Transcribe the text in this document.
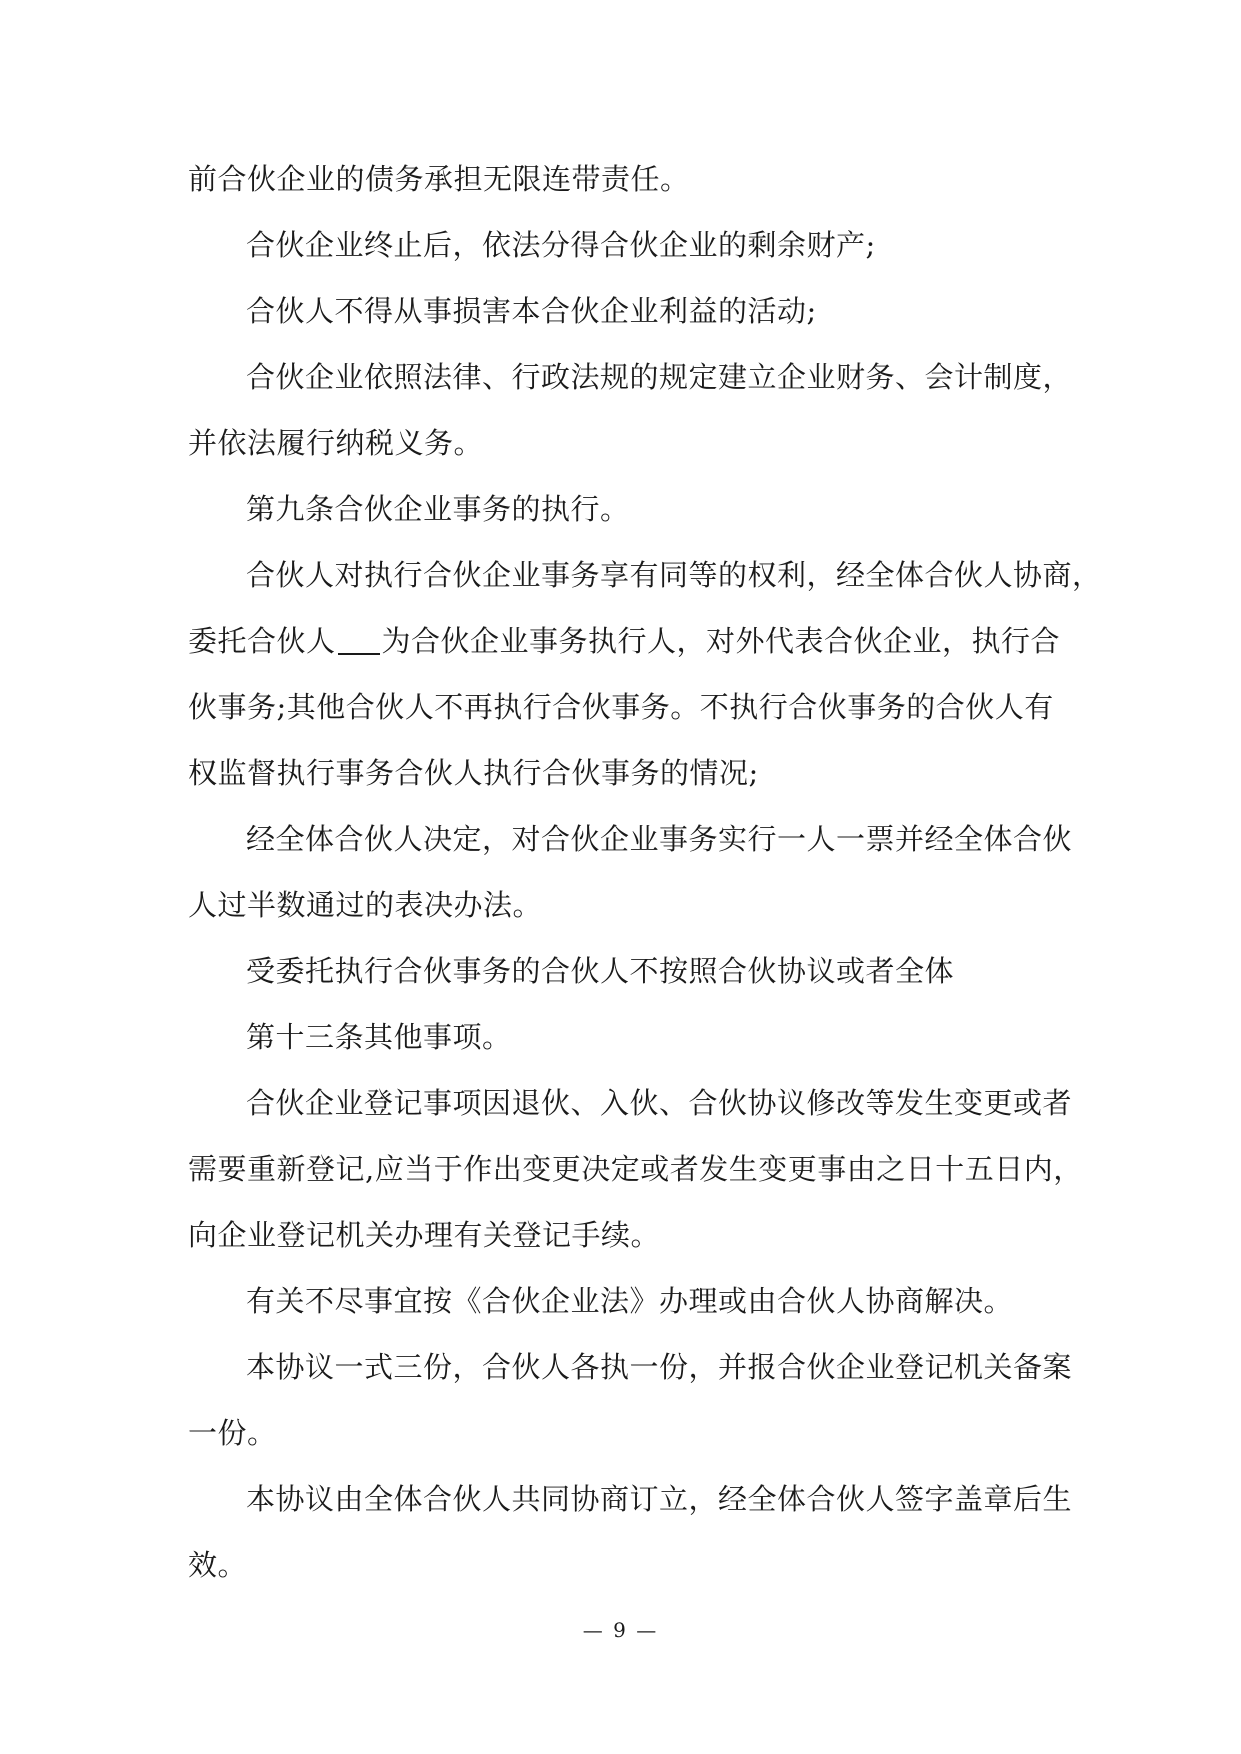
前合伙企业的债务承担无限连带责任。
合伙企业终止后，依法分得合伙企业的剩余财产;
合伙人不得从事损害本合伙企业利益的活动;
合伙企业依照法律、行政法规的规定建立企业财务、会计制度，
并依法履行纳税义务。
第九条合伙企业事务的执行。
合伙人对执行合伙企业事务享有同等的权利，经全体合伙人协商，
委托合伙人 为合伙企业事务执行人，对外代表合伙企业，执行合
伙事务;其他合伙人不再执行合伙事务。不执行合伙事务的合伙人有
权监督执行事务合伙人执行合伙事务的情况;
经全体合伙人决定，对合伙企业事务实行一人一票并经全体合伙
人过半数通过的表决办法。
受委托执行合伙事务的合伙人不按照合伙协议或者全体
第十三条其他事项。
合伙企业登记事项因退伙、入伙、合伙协议修改等发生变更或者
需要重新登记,应当于作出变更决定或者发生变更事由之日十五日内，
向企业登记机关办理有关登记手续。
有关不尽事宜按《合伙企业法》办理或由合伙人协商解决。
本协议一式三份，合伙人各执一份，并报合伙企业登记机关备案
一份。
本协议由全体合伙人共同协商订立，经全体合伙人签字盖章后生
效。
— 9 —
